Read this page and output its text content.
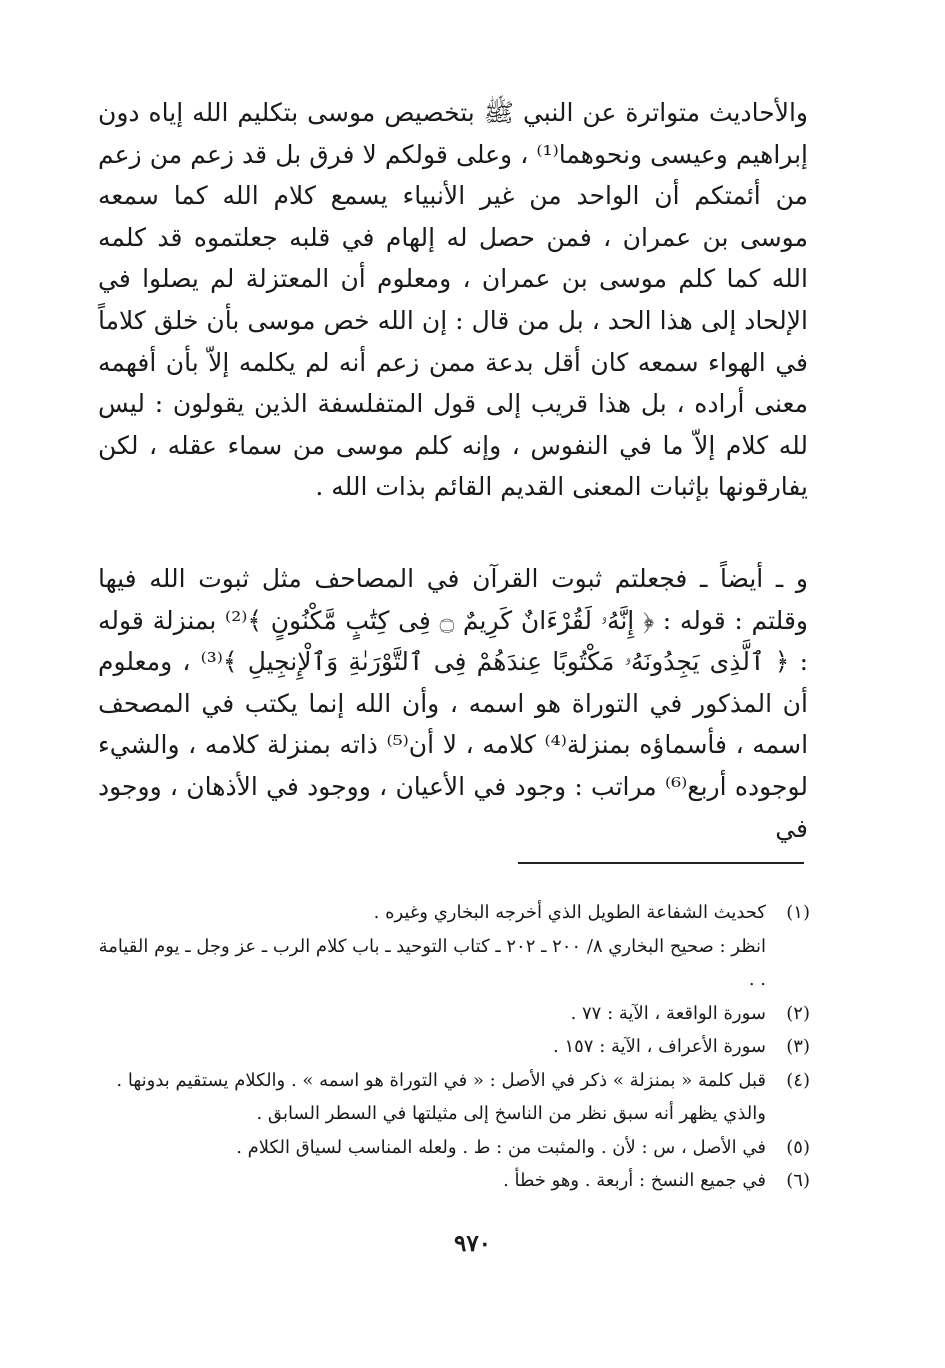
والأحاديث متواترة عن النبي ﷺ بتخصيص موسى بتكليم الله إياه دون إبراهيم وعيسى ونحوهما⁽¹⁾ ، وعلى قولكم لا فرق بل قد زعم من زعم من أئمتكم أن الواحد من غير الأنبياء يسمع كلام الله كما سمعه موسى بن عمران ، فمن حصل له إلهام في قلبه جعلتموه قد كلمه الله كما كلم موسى بن عمران ، ومعلوم أن المعتزلة لم يصلوا في الإلحاد إلى هذا الحد ، بل من قال : إن الله خص موسى بأن خلق كلاماً في الهواء سمعه كان أقل بدعة ممن زعم أنه لم يكلمه إلاّ بأن أفهمه معنى أراده ، بل هذا قريب إلى قول المتفلسفة الذين يقولون : ليس لله كلام إلاّ ما في النفوس ، وإنه كلم موسى من سماء عقله ، لكن يفارقونها بإثبات المعنى القديم القائم بذات الله .

و ـ أيضاً ـ فجعلتم ثبوت القرآن في المصاحف مثل ثبوت الله فيها وقلتم : قوله : ﴿ إِنَّهُۥ لَقُرْءَانٌ كَرِيمٌ ۝ فِى كِتَٰبٍ مَّكْنُونٍ ﴾⁽²⁾ بمنزلة قوله : ﴿ ٱلَّذِى يَجِدُونَهُۥ مَكْتُوبًا عِندَهُمْ فِى ٱلتَّوْرَىٰةِ وَٱلْإِنجِيلِ ﴾⁽³⁾ ، ومعلوم أن المذكور في التوراة هو اسمه ، وأن الله إنما يكتب في المصحف اسمه ، فأسماؤه بمنزلة⁽⁴⁾ كلامه ، لا أن⁽⁵⁾ ذاته بمنزلة كلامه ، والشيء لوجوده أربع⁽⁶⁾ مراتب : وجود في الأعيان ، ووجود في الأذهان ، ووجود في

(١)
كحديث الشفاعة الطويل الذي أخرجه البخاري وغيره .
انظر : صحيح البخاري ٨/ ٢٠٠ ـ ٢٠٢ ـ كتاب التوحيد ـ باب كلام الرب ـ عز وجل ـ يوم القيامة . .
(٢)
سورة الواقعة ، الآية : ٧٧ .
(٣)
سورة الأعراف ، الآية : ١٥٧ .
(٤)
قبل كلمة « بمنزلة » ذكر في الأصل : « في التوراة هو اسمه » . والكلام يستقيم بدونها . والذي يظهر أنه سبق نظر من الناسخ إلى مثيلتها في السطر السابق .
(٥)
في الأصل ، س : لأن . والمثبت من : ط . ولعله المناسب لسياق الكلام .
(٦)
في جميع النسخ : أربعة . وهو خطأ .
٩٧٠
